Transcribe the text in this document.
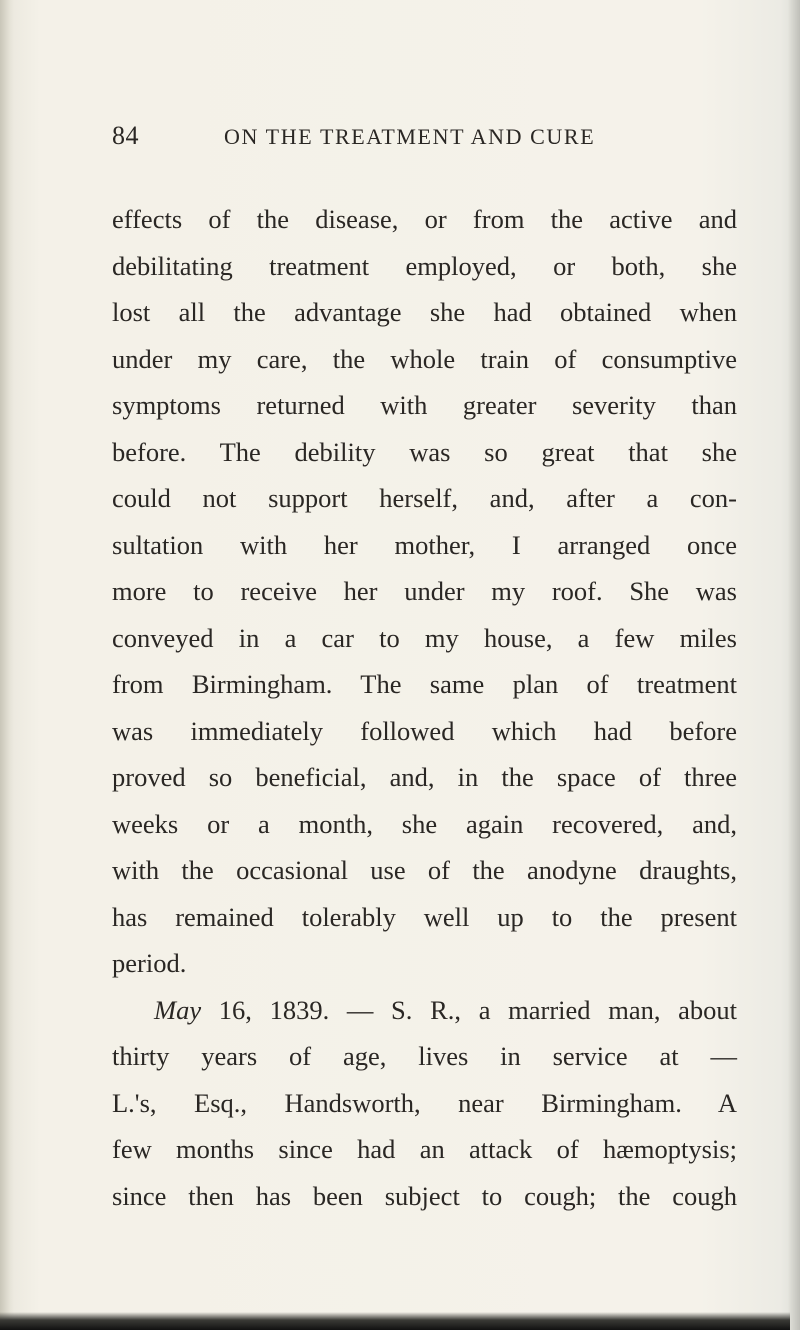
84	ON THE TREATMENT AND CURE
effects of the disease, or from the active and
debilitating treatment employed, or both, she
lost all the advantage she had obtained when
under my care, the whole train of consumptive
symptoms returned with greater severity than
before. The debility was so great that she
could not support herself, and, after a con-
sultation with her mother, I arranged once
more to receive her under my roof. She was
conveyed in a car to my house, a few miles
from Birmingham. The same plan of treatment
was immediately followed which had before
proved so beneficial, and, in the space of three
weeks or a month, she again recovered, and,
with the occasional use of the anodyne draughts,
has remained tolerably well up to the present
period.
May 16, 1839. — S. R., a married man, about
thirty years of age, lives in service at —
L.'s, Esq., Handsworth, near Birmingham. A
few months since had an attack of hæmoptysis;
since then has been subject to cough; the cough
